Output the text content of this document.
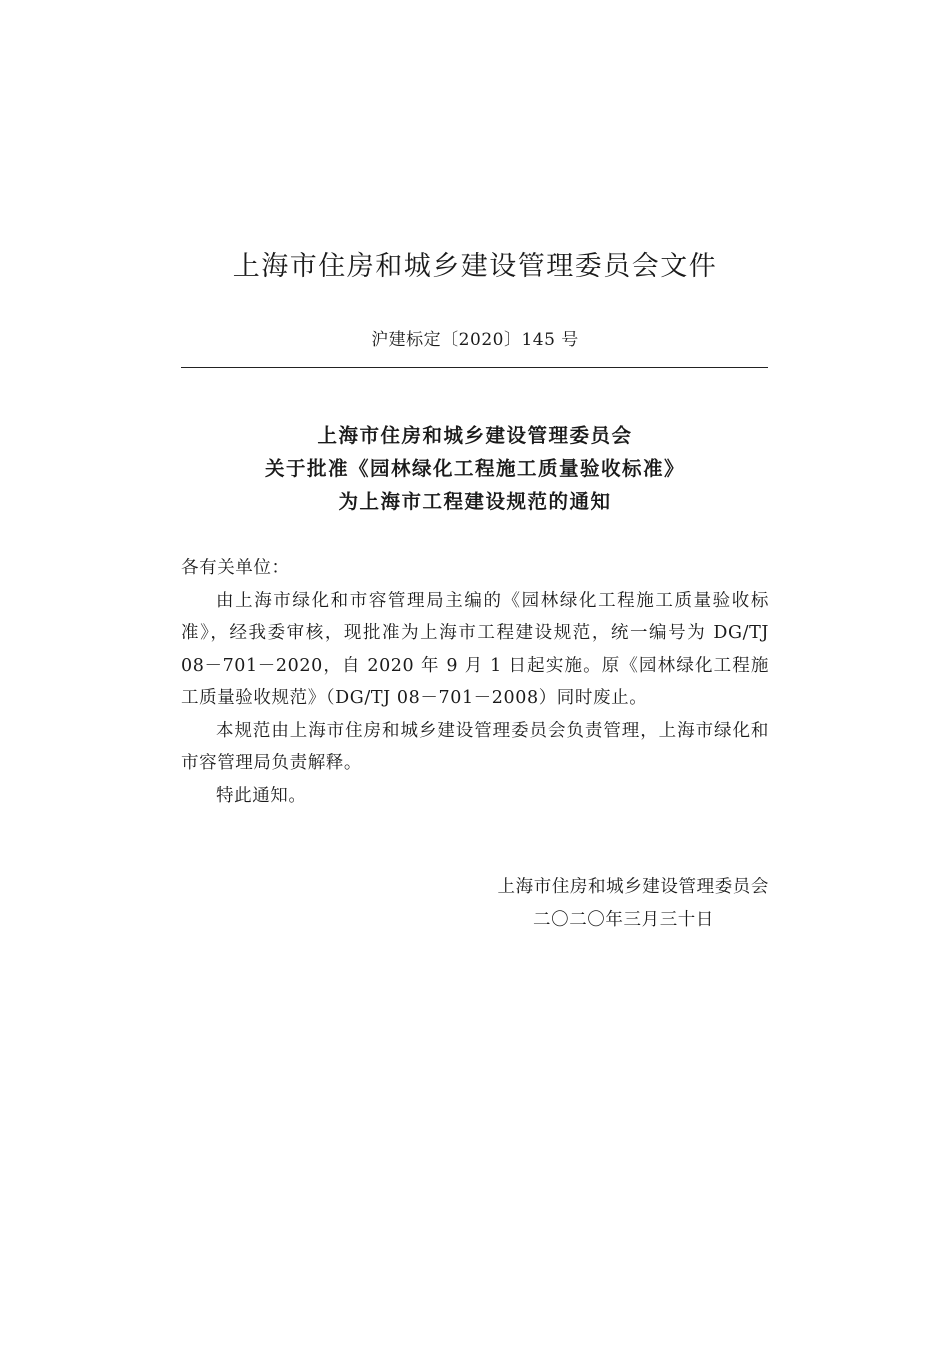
上海市住房和城乡建设管理委员会文件
沪建标定〔2020〕145 号
上海市住房和城乡建设管理委员会
关于批准《园林绿化工程施工质量验收标准》
为上海市工程建设规范的通知

各有关单位：

由上海市绿化和市容管理局主编的《园林绿化工程施工质量验收标准》，经我委审核，现批准为上海市工程建设规范，统一编号为 DG/TJ 08－701－2020，自 2020 年 9 月 1 日起实施。原《园林绿化工程施工质量验收规范》（DG/TJ 08－701－2008）同时废止。

本规范由上海市住房和城乡建设管理委员会负责管理，上海市绿化和市容管理局负责解释。

特此通知。

上海市住房和城乡建设管理委员会
二〇二〇年三月三十日
